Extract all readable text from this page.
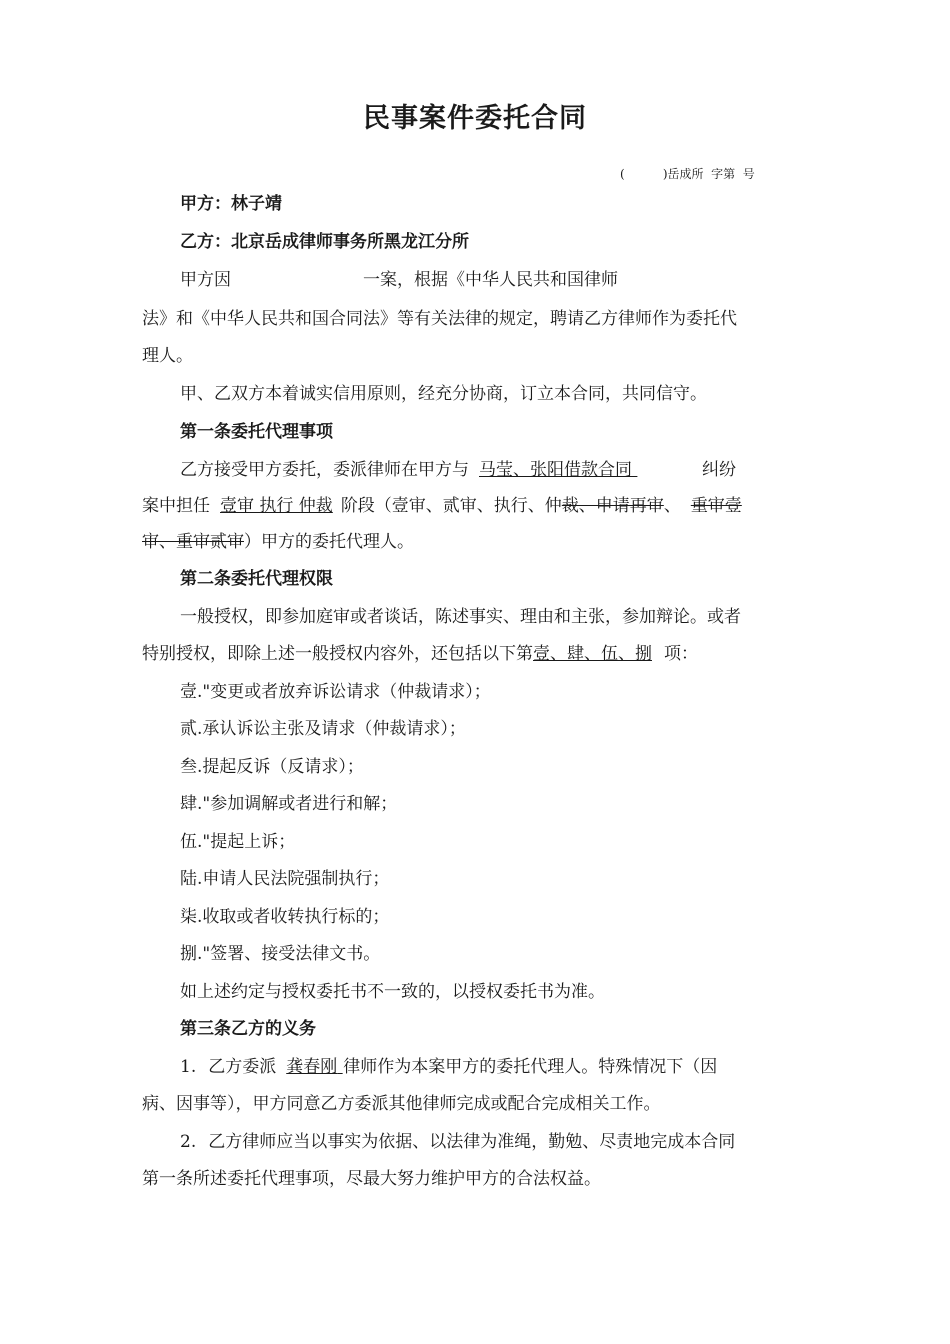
民事案件委托合同
(          )岳成所  字第  号
甲方：林子靖
乙方：北京岳成律师事务所黑龙江分所
甲方因	一案，根据《中华人民共和国律师
法》和《中华人民共和国合同法》等有关法律的规定，聘请乙方律师作为委托代
理人。
甲、乙双方本着诚实信用原则，经充分协商，订立本合同，共同信守。
第一条委托代理事项
乙方接受甲方委托，委派律师在甲方与 马莹、张阳借款合同	纠纷
案中担任 壹审 执行 仲裁 阶段（壹审、贰审、执行、仲裁、申请再审、 重审壹
审、重审贰审）甲方的委托代理人。
第二条委托代理权限
一般授权，即参加庭审或者谈话，陈述事实、理由和主张，参加辩论。或者
特别授权，即除上述一般授权内容外，还包括以下第壹、肆、伍、捌 项：
壹."变更或者放弃诉讼请求（仲裁请求）；
贰.承认诉讼主张及请求（仲裁请求）；
叁.提起反诉（反请求）；
肆."参加调解或者进行和解；
伍."提起上诉；
陆.申请人民法院强制执行；
柒.收取或者收转执行标的；
捌."签署、接受法律文书。
如上述约定与授权委托书不一致的，以授权委托书为准。
第三条乙方的义务
1. 乙方委派 龚春刚 律师作为本案甲方的委托代理人。特殊情况下（因
病、因事等），甲方同意乙方委派其他律师完成或配合完成相关工作。
2. 乙方律师应当以事实为依据、以法律为准绳，勤勉、尽责地完成本合同
第一条所述委托代理事项，尽最大努力维护甲方的合法权益。
